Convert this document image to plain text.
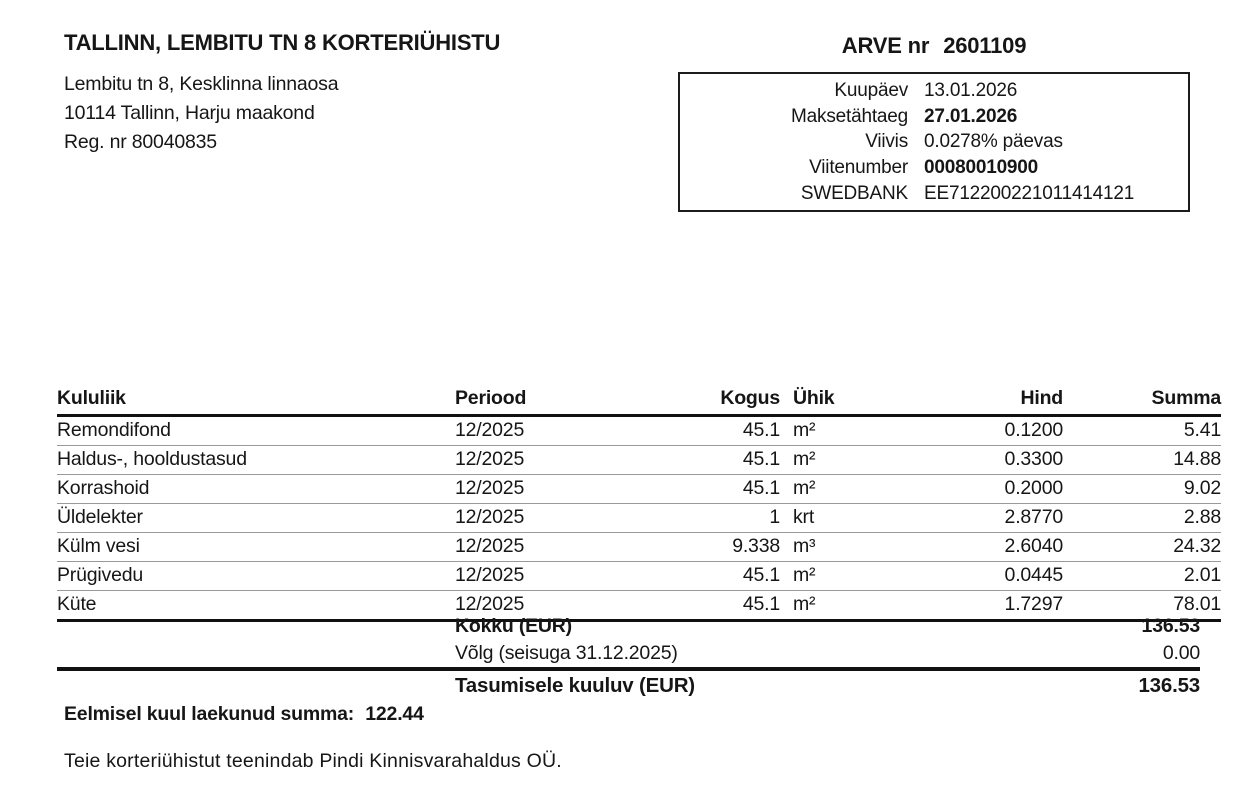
TALLINN, LEMBITU TN 8 KORTERIÜHISTU
Lembitu tn 8, Kesklinna linnaosa
10114 Tallinn, Harju maakond
Reg. nr 80040835
ARVE nr 2601109
Kuupäev 13.01.2026
Maksetähtaeg 27.01.2026
Viivis 0.0278% päevas
Viitenumber 00080010900
SWEDBANK EE712200221011414121
Kululiik	Periood	Kogus	Ühik	Hind	Summa
Remondifond	12/2025	45.1	m²	0.1200	5.41
Haldus-, hooldustasud	12/2025	45.1	m²	0.3300	14.88
Korrashoid	12/2025	45.1	m²	0.2000	9.02
Üldelekter	12/2025	1	krt	2.8770	2.88
Külm vesi	12/2025	9.338	m³	2.6040	24.32
Prügivedu	12/2025	45.1	m²	0.0445	2.01
Küte	12/2025	45.1	m²	1.7297	78.01
Kokku (EUR)	136.53
Võlg (seisuga 31.12.2025)	0.00
Tasumisele kuuluv (EUR)	136.53
Eelmisel kuul laekunud summa: 122.44
Teie korteriühistut teenindab Pindi Kinnisvarahaldus OÜ.
